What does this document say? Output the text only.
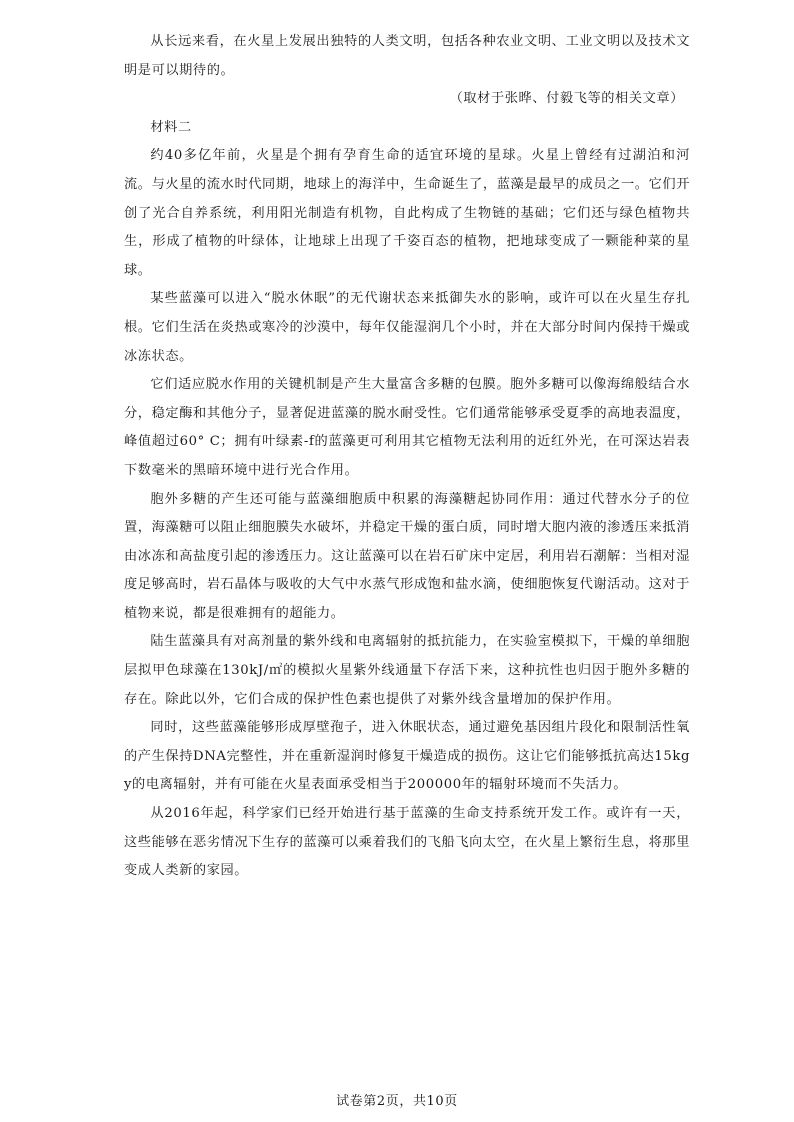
从长远来看，在火星上发展出独特的人类文明，包括各种农业文明、工业文明以及技术文明是可以期待的。

（取材于张晔、付毅飞等的相关文章）

材料二

约40多亿年前，火星是个拥有孕育生命的适宜环境的星球。火星上曾经有过湖泊和河流。与火星的流水时代同期，地球上的海洋中，生命诞生了，蓝藻是最早的成员之一。它们开创了光合自养系统，利用阳光制造有机物，自此构成了生物链的基础；它们还与绿色植物共生，形成了植物的叶绿体，让地球上出现了千姿百态的植物，把地球变成了一颗能种菜的星球。

某些蓝藻可以进入“脱水休眠”的无代谢状态来抵御失水的影响，或许可以在火星生存扎根。它们生活在炎热或寒冷的沙漠中，每年仅能湿润几个小时，并在大部分时间内保持干燥或冰冻状态。

它们适应脱水作用的关键机制是产生大量富含多糖的包膜。胞外多糖可以像海绵般结合水分，稳定酶和其他分子，显著促进蓝藻的脱水耐受性。它们通常能够承受夏季的高地表温度，峰值超过60° C；拥有叶绿素-f的蓝藻更可利用其它植物无法利用的近红外光，在可深达岩表下数毫米的黑暗环境中进行光合作用。

胞外多糖的产生还可能与蓝藻细胞质中积累的海藻糖起协同作用：通过代替水分子的位置，海藻糖可以阻止细胞膜失水破坏，并稳定干燥的蛋白质，同时增大胞内液的渗透压来抵消由冰冻和高盐度引起的渗透压力。这让蓝藻可以在岩石矿床中定居，利用岩石潮解：当相对湿度足够高时，岩石晶体与吸收的大气中水蒸气形成饱和盐水滴，使细胞恢复代谢活动。这对于植物来说，都是很难拥有的超能力。

陆生蓝藻具有对高剂量的紫外线和电离辐射的抵抗能力，在实验室模拟下，干燥的单细胞层拟甲色球藻在130kJ/㎡的模拟火星紫外线通量下存活下来，这种抗性也归因于胞外多糖的存在。除此以外，它们合成的保护性色素也提供了对紫外线含量增加的保护作用。

同时，这些蓝藻能够形成厚壁孢子，进入休眠状态，通过避免基因组片段化和限制活性氧的产生保持DNA完整性，并在重新湿润时修复干燥造成的损伤。这让它们能够抵抗高达15kgy的电离辐射，并有可能在火星表面承受相当于200000年的辐射环境而不失活力。

从2016年起，科学家们已经开始进行基于蓝藻的生命支持系统开发工作。或许有一天，这些能够在恶劣情况下生存的蓝藻可以乘着我们的飞船飞向太空，在火星上繁衍生息，将那里变成人类新的家园。

试卷第2页，共10页
